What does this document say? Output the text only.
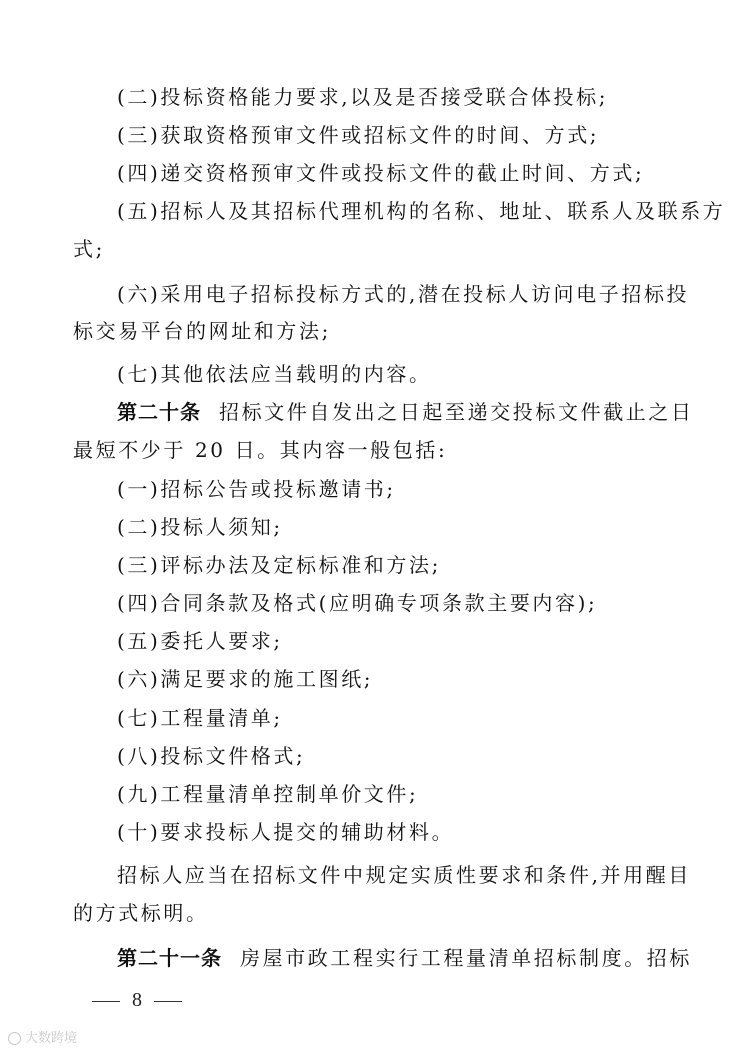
(二)投标资格能力要求,以及是否接受联合体投标;
(三)获取资格预审文件或招标文件的时间、方式;
(四)递交资格预审文件或投标文件的截止时间、方式;
(五)招标人及其招标代理机构的名称、地址、联系人及联系方
式;
(六)采用电子招标投标方式的,潜在投标人访问电子招标投
标交易平台的网址和方法;
(七)其他依法应当载明的内容。
第二十条 招标文件自发出之日起至递交投标文件截止之日
最短不少于 20 日。其内容一般包括:
(一)招标公告或投标邀请书;
(二)投标人须知;
(三)评标办法及定标标准和方法;
(四)合同条款及格式(应明确专项条款主要内容);
(五)委托人要求;
(六)满足要求的施工图纸;
(七)工程量清单;
(八)投标文件格式;
(九)工程量清单控制单价文件;
(十)要求投标人提交的辅助材料。
招标人应当在招标文件中规定实质性要求和条件,并用醒目
的方式标明。
第二十一条 房屋市政工程实行工程量清单招标制度。招标
8
大数跨境
